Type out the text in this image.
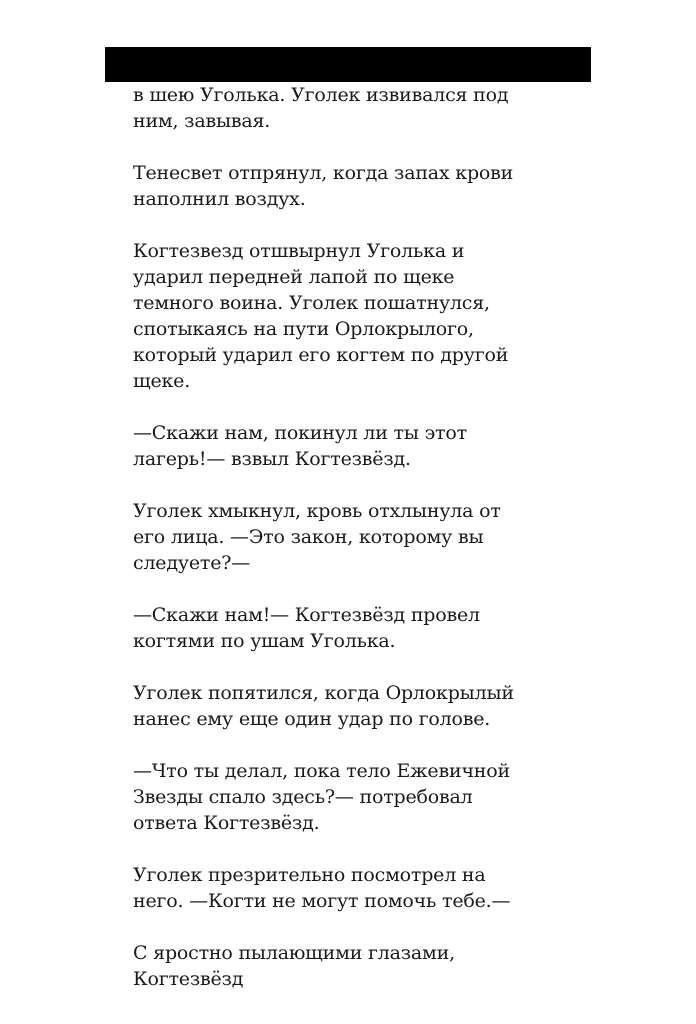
в шею Уголька. Уголек извивался под
ним, завывая.

Тенесвет отпрянул, когда запах крови
наполнил воздух.

Когтезвезд отшвырнул Уголька и
ударил передней лапой по щеке
темного воина. Уголек пошатнулся,
спотыкаясь на пути Орлокрылого,
который ударил его когтем по другой
щеке.

—Скажи нам, покинул ли ты этот
лагерь!— взвыл Когтезвёзд.

Уголек хмыкнул, кровь отхлынула от
его лица. —Это закон, которому вы
следуете?—

—Скажи нам!— Когтезвёзд провел
когтями по ушам Уголька.

Уголек попятился, когда Орлокрылый
нанес ему еще один удар по голове.

—Что ты делал, пока тело Ежевичной
Звезды спало здесь?— потребовал
ответа Когтезвёзд.

Уголек презрительно посмотрел на
него. —Когти не могут помочь тебе.—

С яростно пылающими глазами,
Когтезвёзд
